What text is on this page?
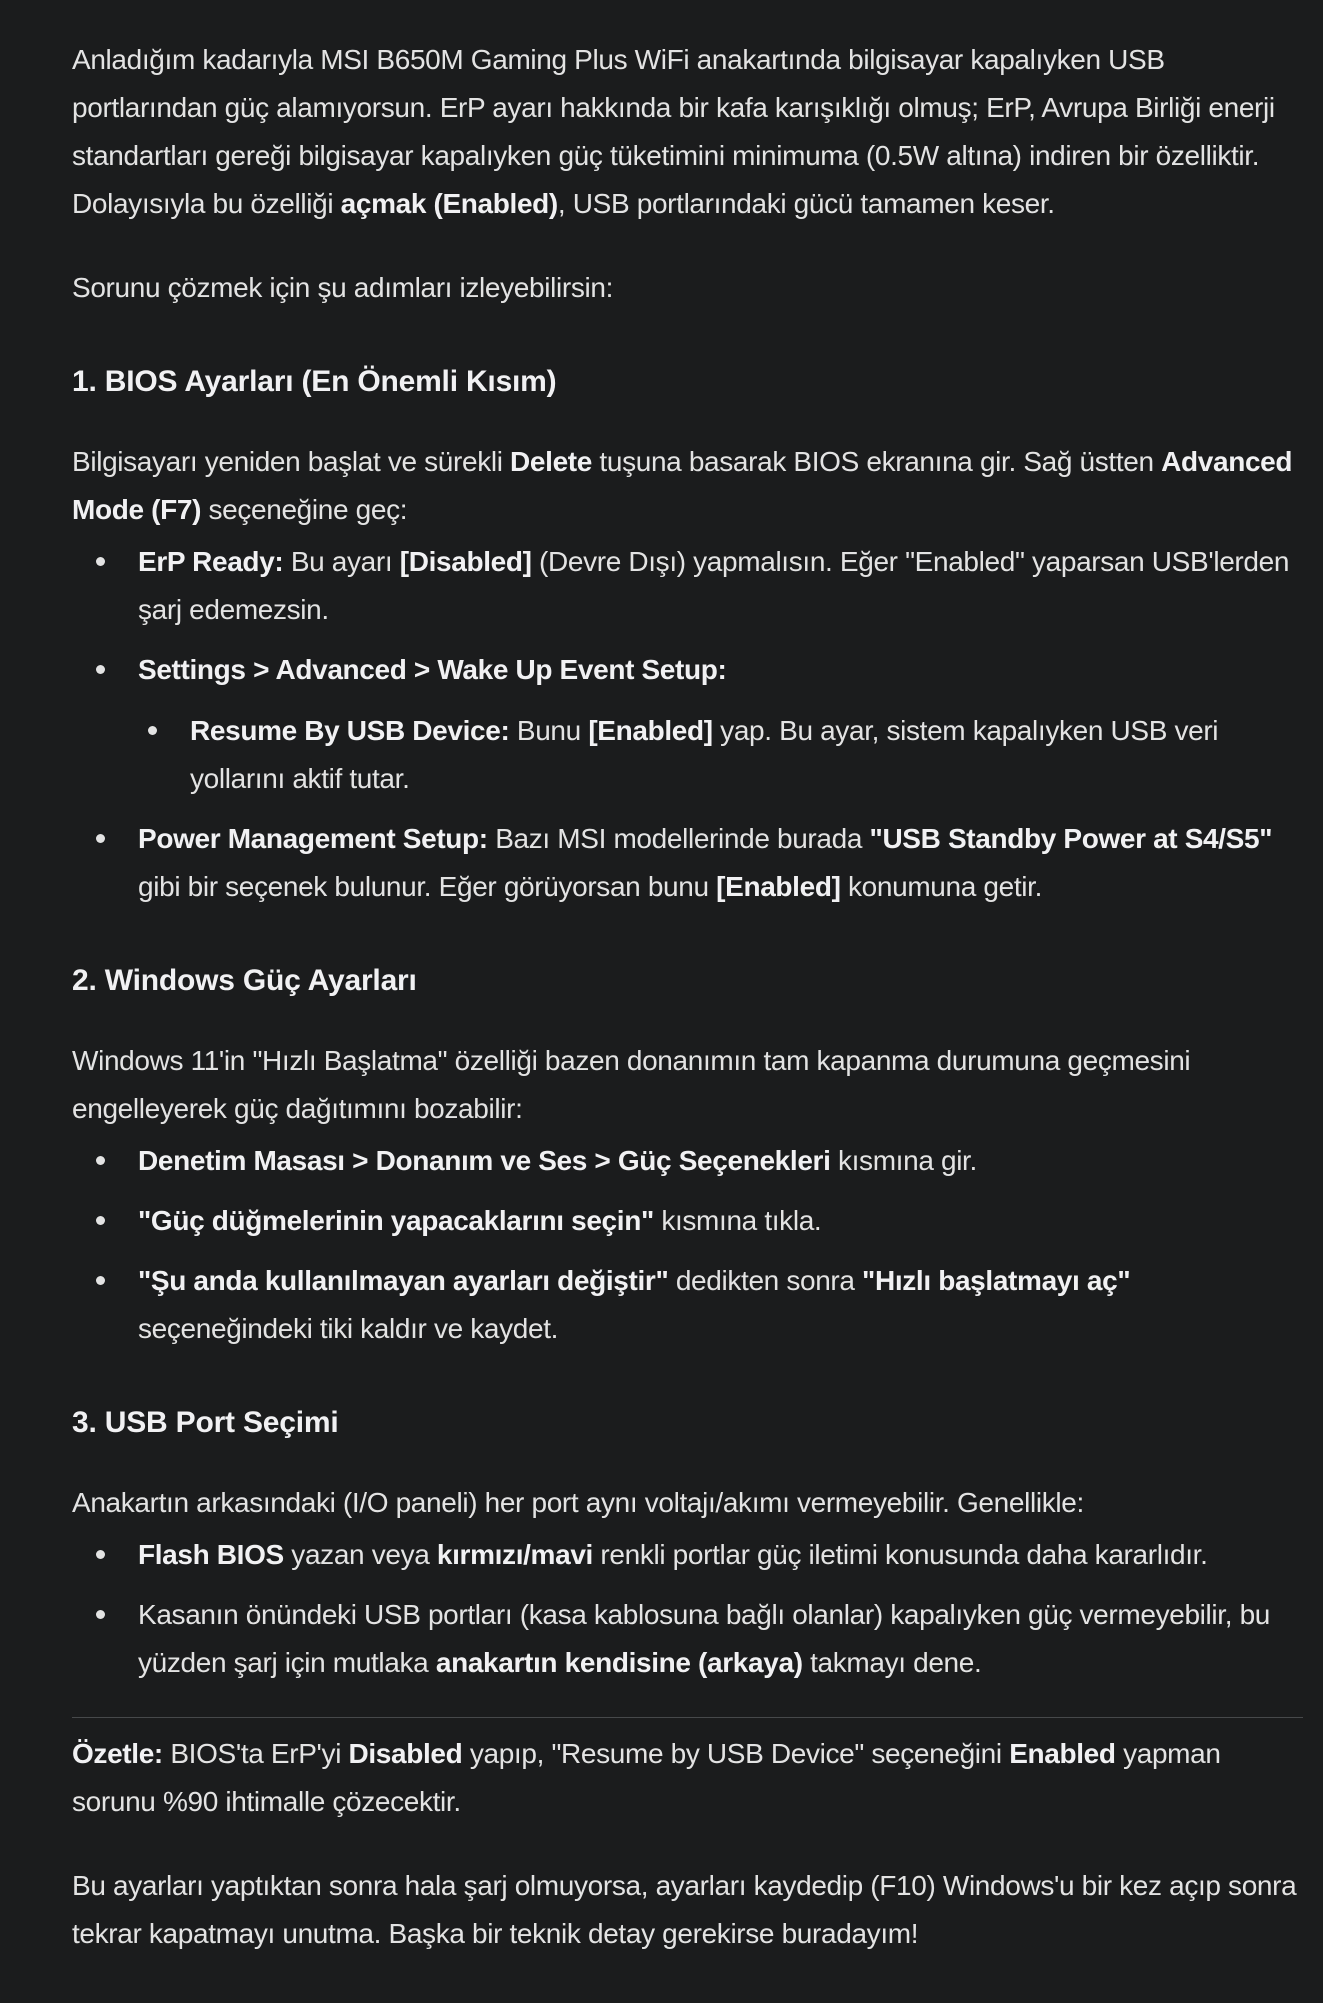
Anladığım kadarıyla MSI B650M Gaming Plus WiFi anakartında bilgisayar kapalıyken USB portlarından güç alamıyorsun. ErP ayarı hakkında bir kafa karışıklığı olmuş; ErP, Avrupa Birliği enerji standartları gereği bilgisayar kapalıyken güç tüketimini minimuma (0.5W altına) indiren bir özelliktir. Dolayısıyla bu özelliği açmak (Enabled), USB portlarındaki gücü tamamen keser.

Sorunu çözmek için şu adımları izleyebilirsin:

1. BIOS Ayarları (En Önemli Kısım)

Bilgisayarı yeniden başlat ve sürekli Delete tuşuna basarak BIOS ekranına gir. Sağ üstten Advanced Mode (F7) seçeneğine geç:

ErP Ready: Bu ayarı [Disabled] (Devre Dışı) yapmalısın. Eğer "Enabled" yaparsan USB'lerden şarj edemezsin.
Settings > Advanced > Wake Up Event Setup:
Resume By USB Device: Bunu [Enabled] yap. Bu ayar, sistem kapalıyken USB veri yollarını aktif tutar.
Power Management Setup: Bazı MSI modellerinde burada "USB Standby Power at S4/S5" gibi bir seçenek bulunur. Eğer görüyorsan bunu [Enabled] konumuna getir.
2. Windows Güç Ayarları

Windows 11'in "Hızlı Başlatma" özelliği bazen donanımın tam kapanma durumuna geçmesini engelleyerek güç dağıtımını bozabilir:

Denetim Masası > Donanım ve Ses > Güç Seçenekleri kısmına gir.
"Güç düğmelerinin yapacaklarını seçin" kısmına tıkla.
"Şu anda kullanılmayan ayarları değiştir" dedikten sonra "Hızlı başlatmayı aç" seçeneğindeki tiki kaldır ve kaydet.
3. USB Port Seçimi

Anakartın arkasındaki (I/O paneli) her port aynı voltajı/akımı vermeyebilir. Genellikle:

Flash BIOS yazan veya kırmızı/mavi renkli portlar güç iletimi konusunda daha kararlıdır.
Kasanın önündeki USB portları (kasa kablosuna bağlı olanlar) kapalıyken güç vermeyebilir, bu yüzden şarj için mutlaka anakartın kendisine (arkaya) takmayı dene.

Özetle: BIOS'ta ErP'yi Disabled yapıp, "Resume by USB Device" seçeneğini Enabled yapman sorunu %90 ihtimalle çözecektir.

Bu ayarları yaptıktan sonra hala şarj olmuyorsa, ayarları kaydedip (F10) Windows'u bir kez açıp sonra tekrar kapatmayı unutma. Başka bir teknik detay gerekirse buradayım!
